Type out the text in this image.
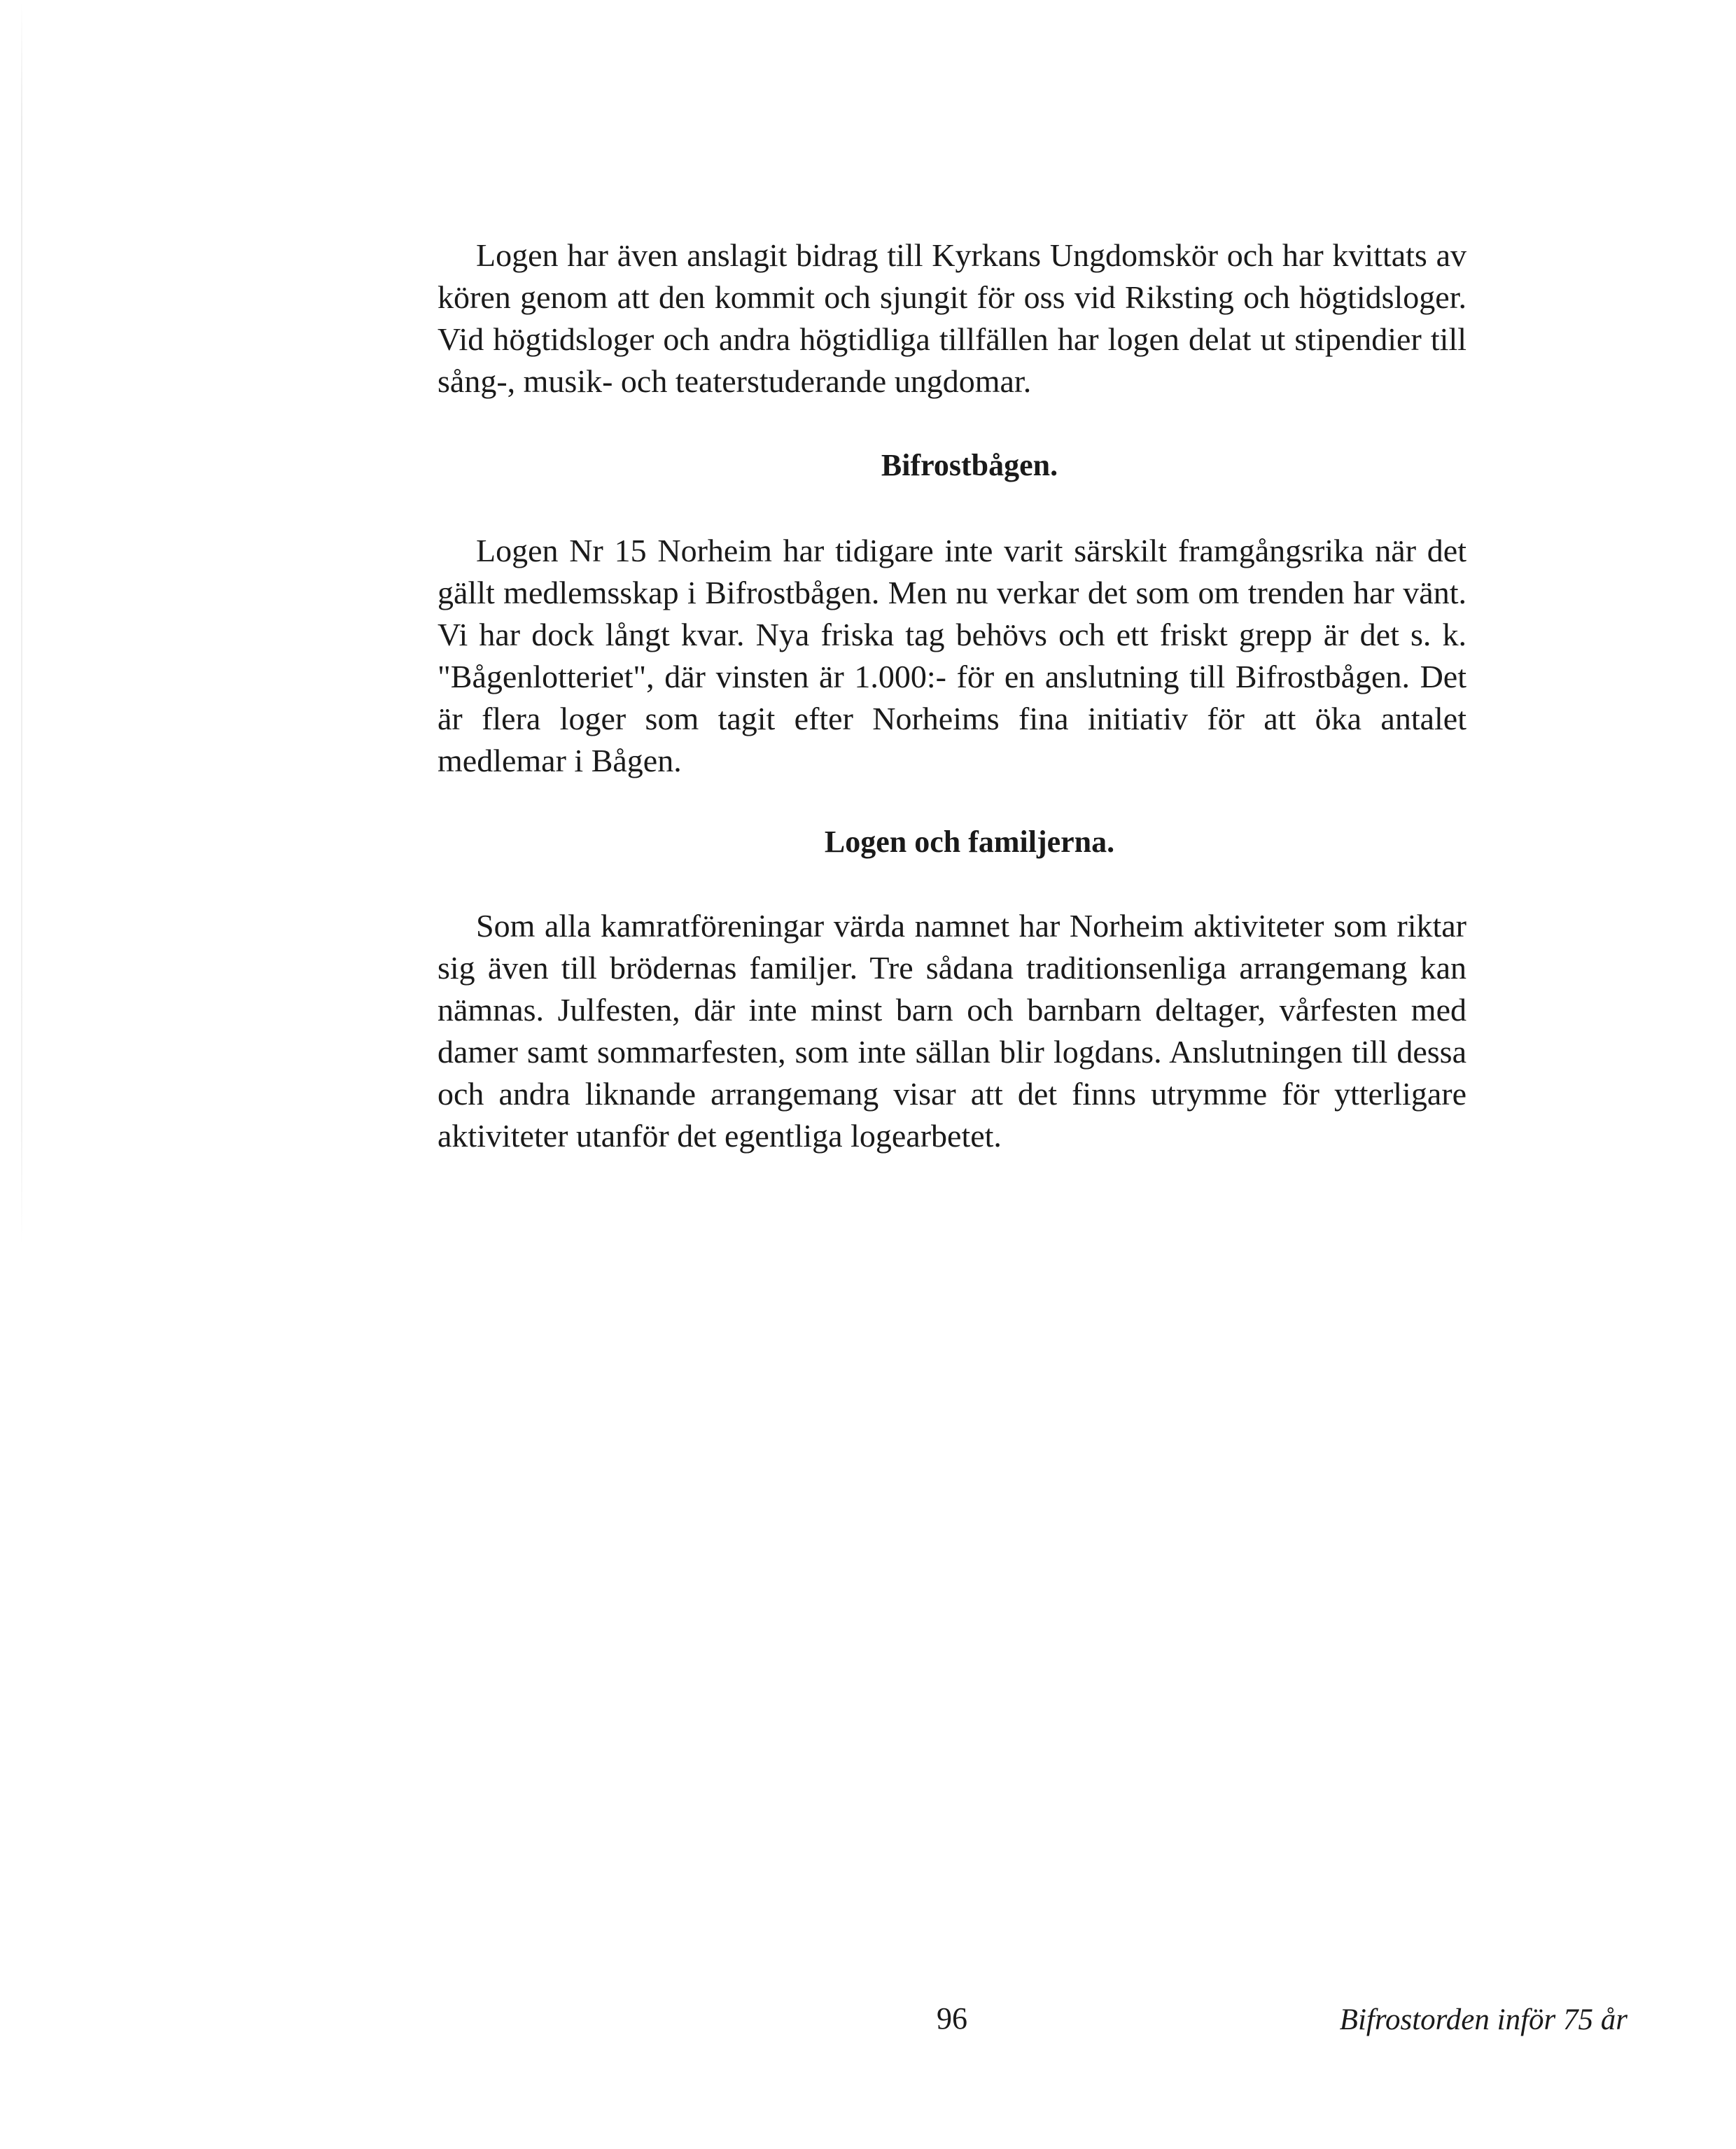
Logen har även anslagit bidrag till Kyrkans Ungdomskör och har kvittats av kören genom att den kommit och sjungit för oss vid Riksting och högtidsloger. Vid högtidsloger och andra högtidliga tillfällen har logen delat ut stipendier till sång-, musik- och teaterstuderande ungdomar.

Bifrostbågen.

Logen Nr 15 Norheim har tidigare inte varit särskilt framgångsrika när det gällt medlemsskap i Bifrostbågen. Men nu verkar det som om trenden har vänt. Vi har dock långt kvar. Nya friska tag behövs och ett friskt grepp är det s. k. "Bågenlotteriet", där vinsten är 1.000:- för en anslutning till Bifrostbågen. Det är flera loger som tagit efter Norheims fina initiativ för att öka antalet medlemar i Bågen.

Logen och familjerna.

Som alla kamratföreningar värda namnet har Norheim aktiviteter som riktar sig även till brödernas familjer. Tre sådana traditionsenliga arrangemang kan nämnas. Julfesten, där inte minst barn och barnbarn deltager, vårfesten med damer samt sommarfesten, som inte sällan blir logdans. Anslutningen till dessa och andra liknande arrangemang visar att det finns utrymme för ytterligare aktiviteter utanför det egentliga logearbetet.

96	Bifrostorden inför 75 år
